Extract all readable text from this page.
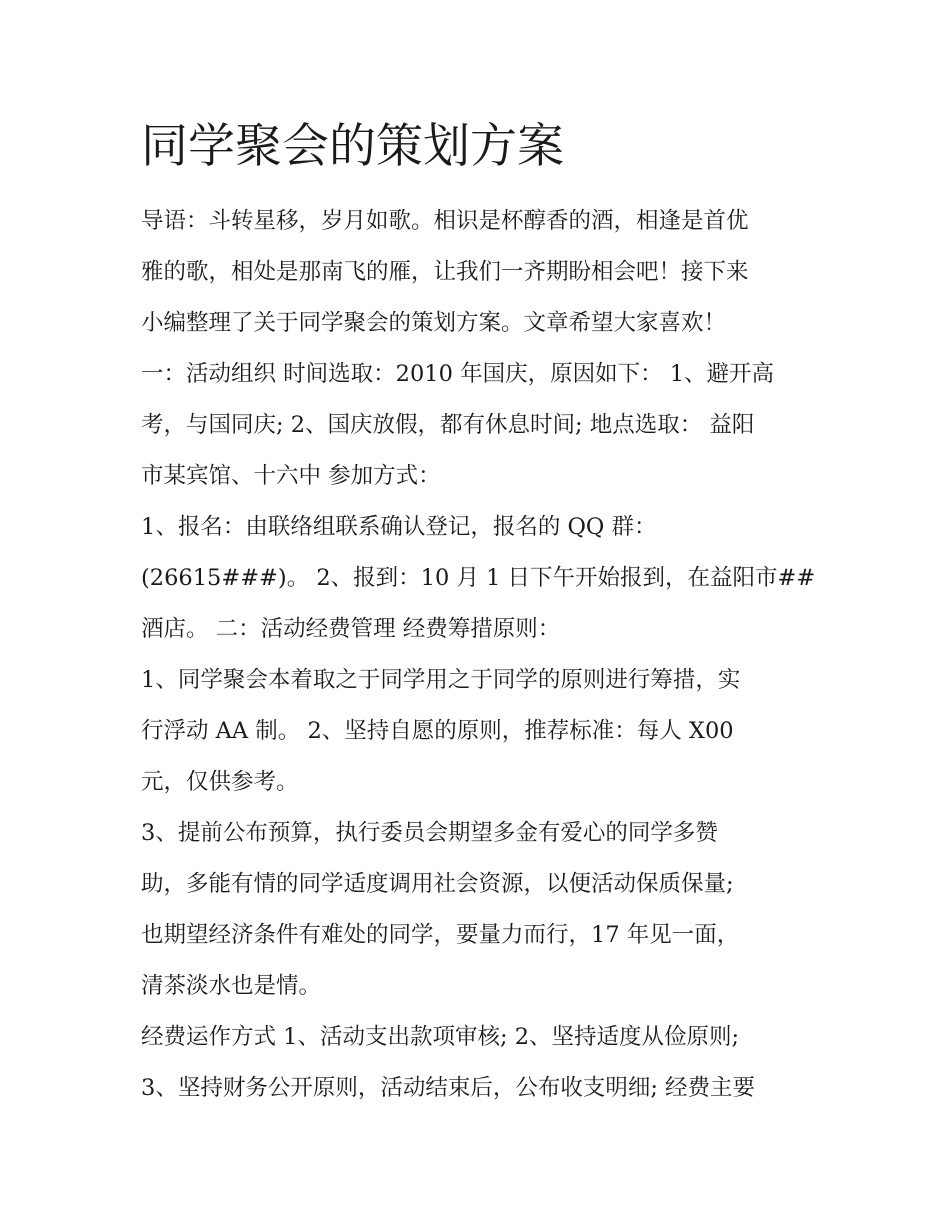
同学聚会的策划方案
导语：斗转星移，岁月如歌。相识是杯醇香的酒，相逢是首优
雅的歌，相处是那南飞的雁，让我们一齐期盼相会吧！接下来
小编整理了关于同学聚会的策划方案。文章希望大家喜欢！
一：活动组织 时间选取：2010 年国庆，原因如下： 1、避开高
考，与国同庆; 2、国庆放假，都有休息时间; 地点选取： 益阳
市某宾馆、十六中 参加方式：
1、报名：由联络组联系确认登记，报名的 QQ 群：
(26615###)。 2、报到：10 月 1 日下午开始报到，在益阳市##
酒店。 二：活动经费管理 经费筹措原则：
1、同学聚会本着取之于同学用之于同学的原则进行筹措，实
行浮动 AA 制。 2、坚持自愿的原则，推荐标准：每人 X00
元，仅供参考。
3、提前公布预算，执行委员会期望多金有爱心的同学多赞
助，多能有情的同学适度调用社会资源，以便活动保质保量;
也期望经济条件有难处的同学，要量力而行，17 年见一面，
清茶淡水也是情。
经费运作方式 1、活动支出款项审核; 2、坚持适度从俭原则;
3、坚持财务公开原则，活动结束后，公布收支明细; 经费主要
